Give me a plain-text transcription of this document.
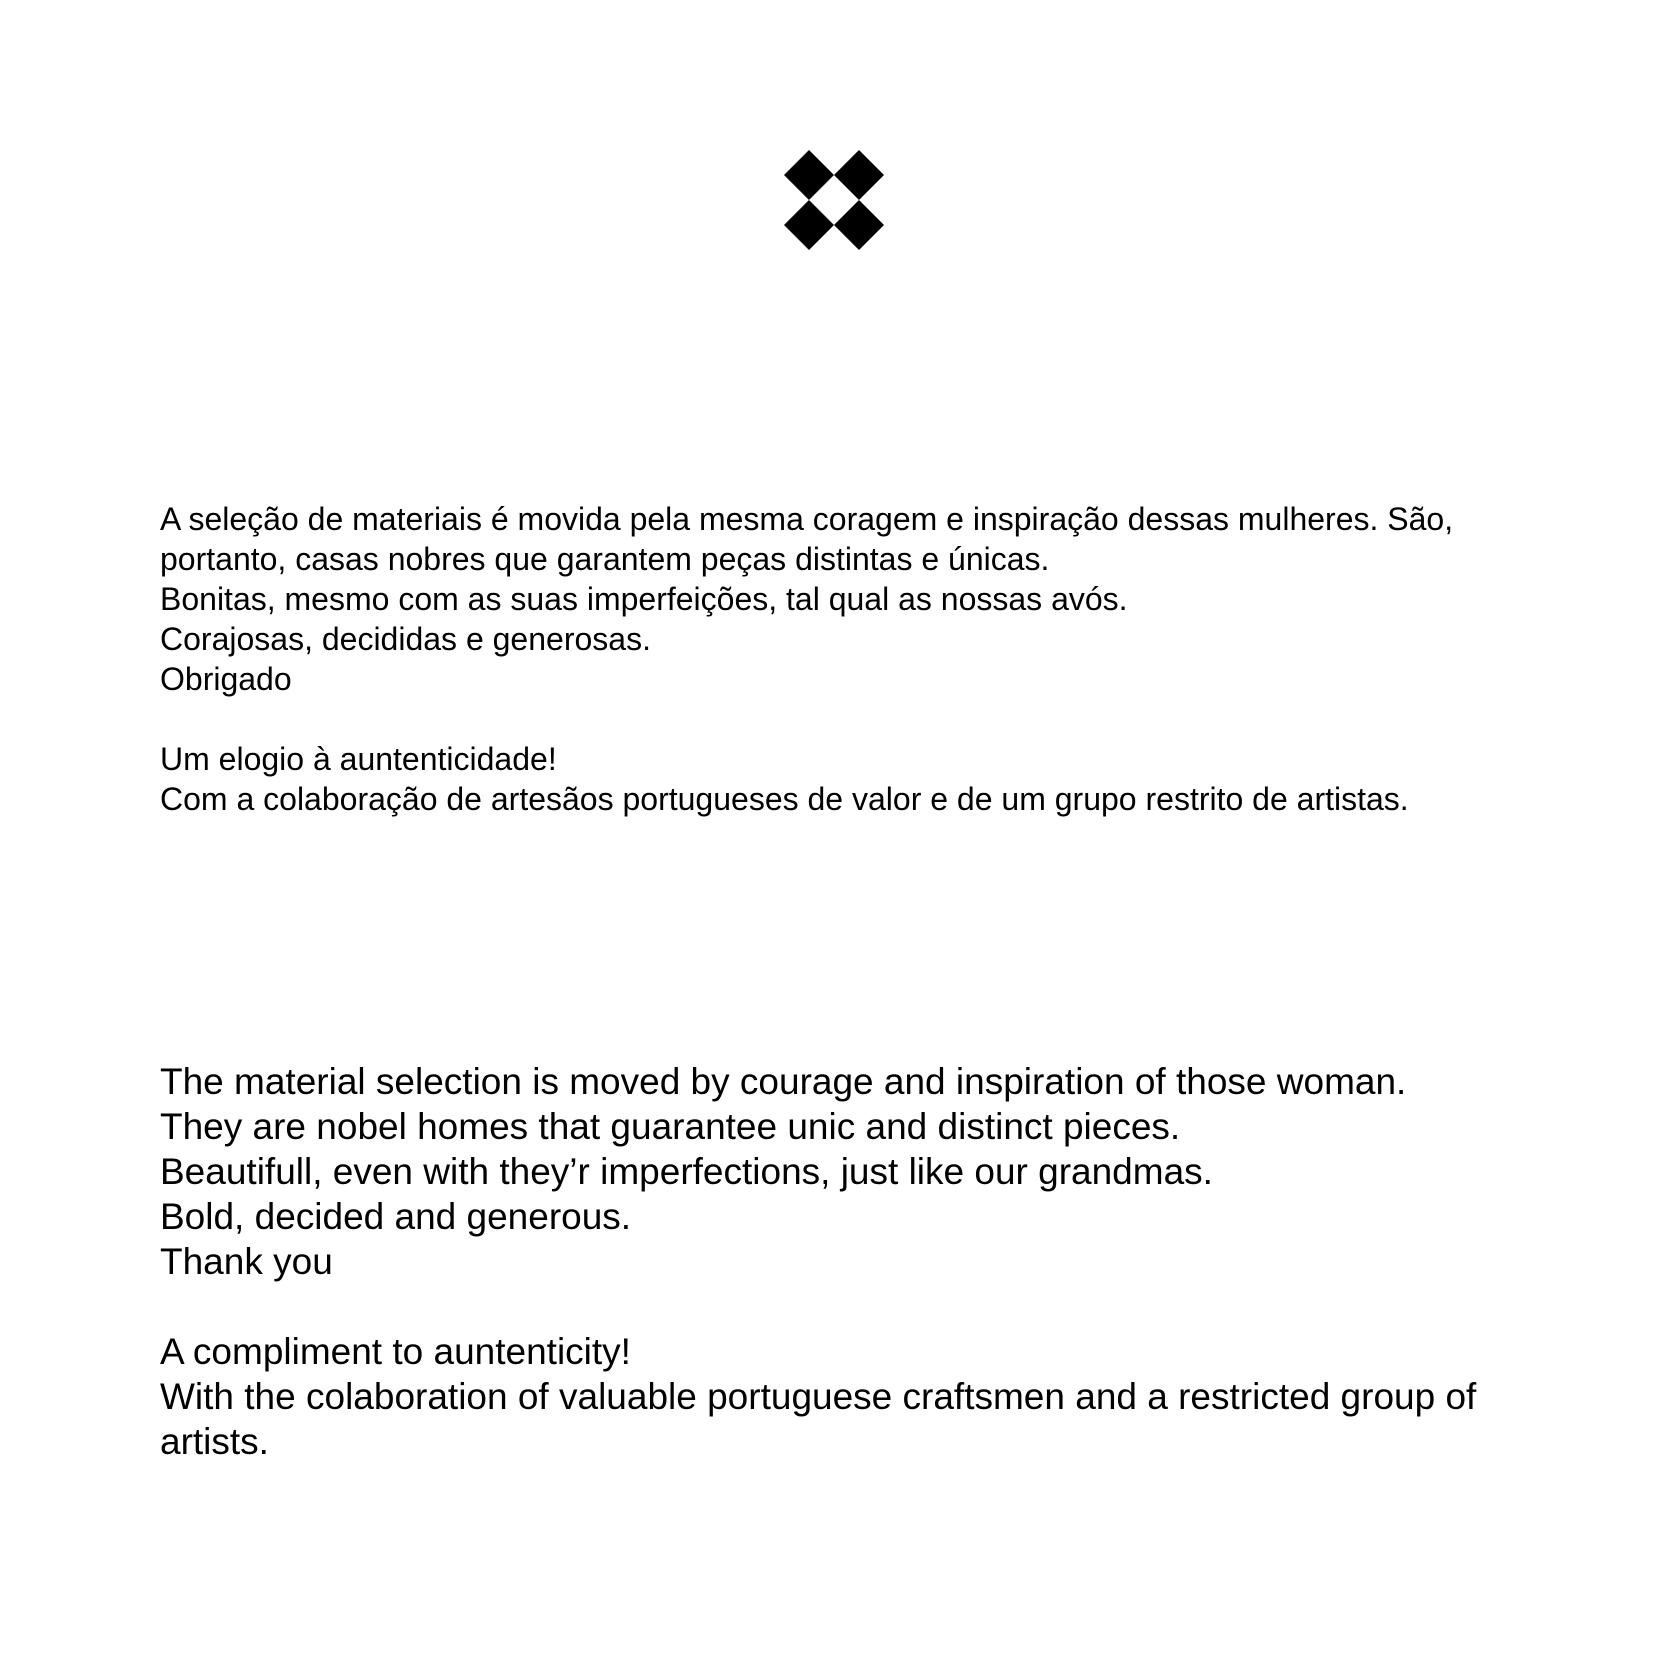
A seleção de materiais é movida pela mesma coragem e inspiração dessas mulheres. São,
portanto, casas nobres que garantem peças distintas e únicas.
Bonitas, mesmo com as suas imperfeições, tal qual as nossas avós.
Corajosas, decididas e generosas.
Obrigado
Um elogio à auntenticidade!
Com a colaboração de artesãos portugueses de valor e de um grupo restrito de artistas.
The material selection is moved by courage and inspiration of those woman.
They are nobel homes that guarantee unic and distinct pieces.
Beautifull, even with they’r imperfections, just like our grandmas.
Bold, decided and generous.
Thank you
A compliment to auntenticity!
With the colaboration of valuable portuguese craftsmen and a restricted group of
artists.
